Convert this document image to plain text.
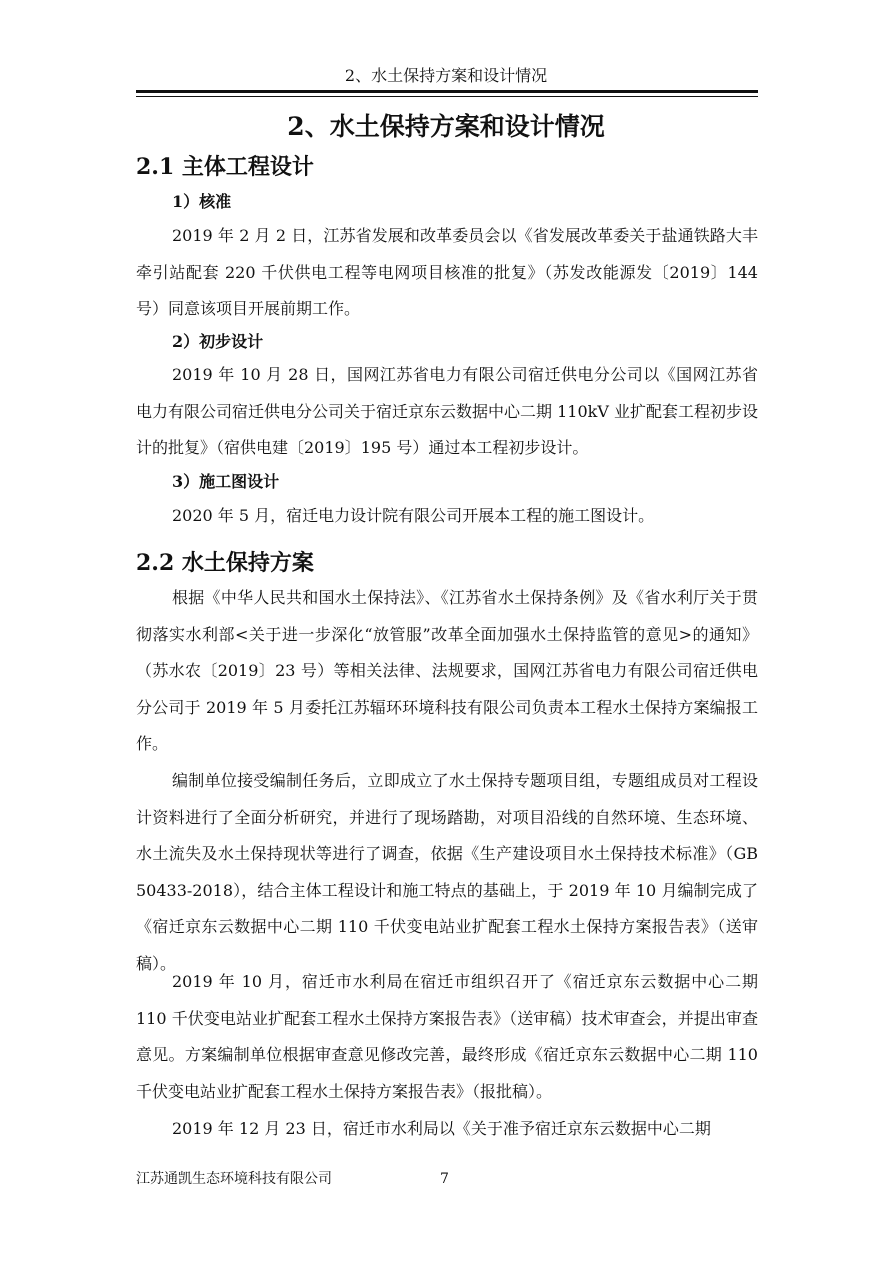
2、水土保持方案和设计情况
2、水土保持方案和设计情况
2.1 主体工程设计
1）核准

2019 年 2 月 2 日，江苏省发展和改革委员会以《省发展改革委关于盐通铁路大丰牵引站配套 220 千伏供电工程等电网项目核准的批复》（苏发改能源发〔2019〕144 号）同意该项目开展前期工作。

2）初步设计

2019 年 10 月 28 日，国网江苏省电力有限公司宿迁供电分公司以《国网江苏省电力有限公司宿迁供电分公司关于宿迁京东云数据中心二期 110kV 业扩配套工程初步设计的批复》（宿供电建〔2019〕195 号）通过本工程初步设计。

3）施工图设计

2020 年 5 月，宿迁电力设计院有限公司开展本工程的施工图设计。

2.2 水土保持方案

根据《中华人民共和国水土保持法》、《江苏省水土保持条例》及《省水利厅关于贯彻落实水利部<关于进一步深化“放管服”改革全面加强水土保持监管的意见>的通知》（苏水农〔2019〕23 号）等相关法律、法规要求，国网江苏省电力有限公司宿迁供电分公司于 2019 年 5 月委托江苏辐环环境科技有限公司负责本工程水土保持方案编报工作。

编制单位接受编制任务后，立即成立了水土保持专题项目组，专题组成员对工程设计资料进行了全面分析研究，并进行了现场踏勘，对项目沿线的自然环境、生态环境、水土流失及水土保持现状等进行了调查，依据《生产建设项目水土保持技术标准》（GB 50433-2018），结合主体工程设计和施工特点的基础上，于 2019 年 10 月编制完成了《宿迁京东云数据中心二期 110 千伏变电站业扩配套工程水土保持方案报告表》（送审稿）。

2019 年 10 月，宿迁市水利局在宿迁市组织召开了《宿迁京东云数据中心二期 110 千伏变电站业扩配套工程水土保持方案报告表》（送审稿）技术审查会，并提出审查意见。方案编制单位根据审查意见修改完善，最终形成《宿迁京东云数据中心二期 110 千伏变电站业扩配套工程水土保持方案报告表》（报批稿）。

2019 年 12 月 23 日，宿迁市水利局以《关于准予宿迁京东云数据中心二期

江苏通凯生态环境科技有限公司	7
